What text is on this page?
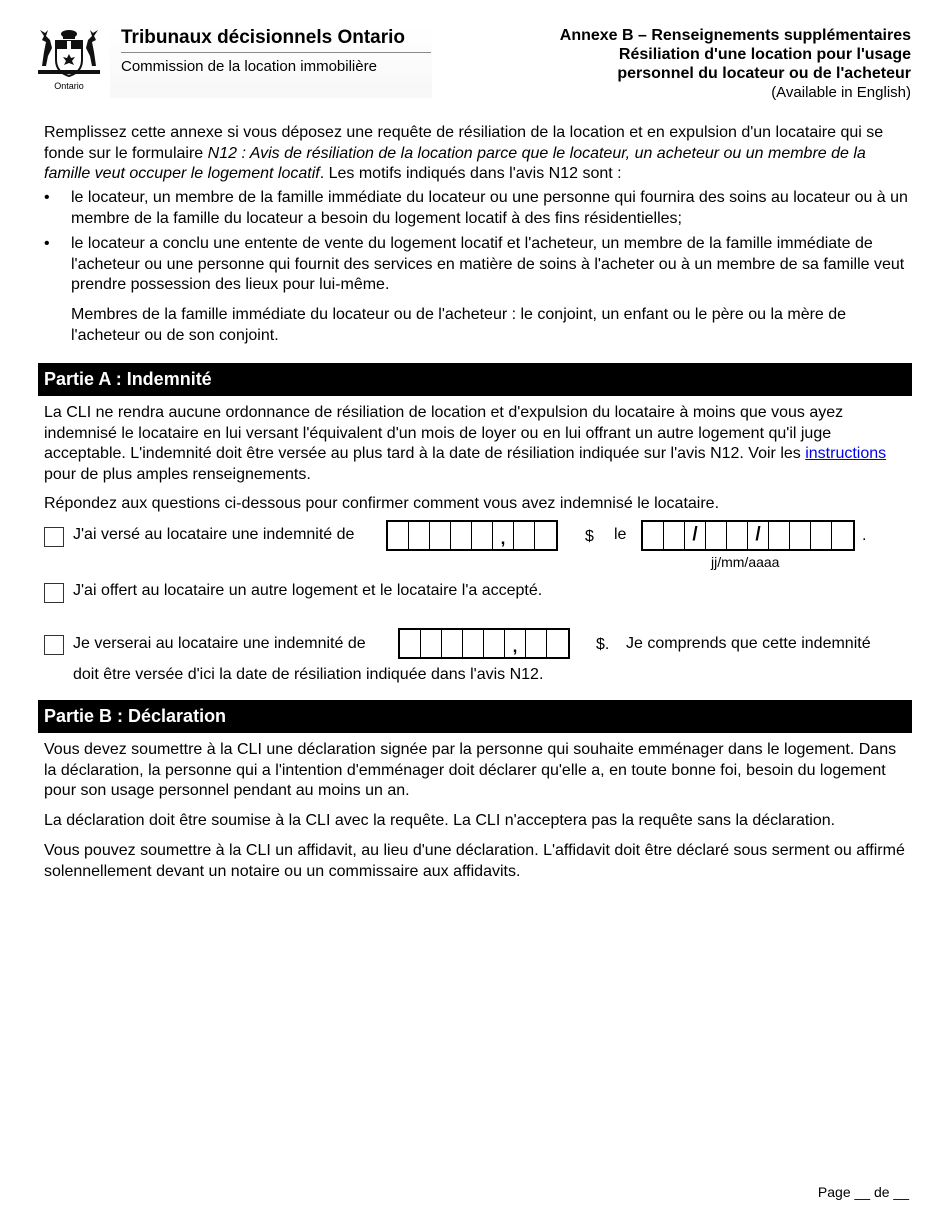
Ontario
Tribunaux décisionnels Ontario
Commission de la location immobilière
Annexe B – Renseignements supplémentaires
Résiliation d'une location pour l'usage
personnel du locateur ou de l'acheteur
(Available in English)
Remplissez cette annexe si vous déposez une requête de résiliation de la location et en expulsion d'un locataire qui se fonde sur le formulaire N12 : Avis de résiliation de la location parce que le locateur, un acheteur ou un membre de la famille veut occuper le logement locatif. Les motifs indiqués dans l'avis N12 sont :
• le locateur, un membre de la famille immédiate du locateur ou une personne qui fournira des soins au locateur ou à un membre de la famille du locateur a besoin du logement locatif à des fins résidentielles;
• le locateur a conclu une entente de vente du logement locatif et l'acheteur, un membre de la famille immédiate de l'acheteur ou une personne qui fournit des services en matière de soins à l'acheter ou à un membre de sa famille veut prendre possession des lieux pour lui-même.
Membres de la famille immédiate du locateur ou de l'acheteur : le conjoint, un enfant ou le père ou la mère de l'acheteur ou de son conjoint.
Partie A : Indemnité
La CLI ne rendra aucune ordonnance de résiliation de location et d'expulsion du locataire à moins que vous ayez indemnisé le locataire en lui versant l'équivalent d'un mois de loyer ou en lui offrant un autre logement qu'il juge acceptable. L'indemnité doit être versée au plus tard à la date de résiliation indiquée sur l'avis N12. Voir les instructions pour de plus amples renseignements.
Répondez aux questions ci-dessous pour confirmer comment vous avez indemnisé le locataire.
J'ai versé au locataire une indemnité de	,	$ le	/	/	.
jj/mm/aaaa
J'ai offert au locataire un autre logement et le locataire l'a accepté.
Je verserai au locataire une indemnité de	,	$. Je comprends que cette indemnité
doit être versée d'ici la date de résiliation indiquée dans l'avis N12.
Partie B : Déclaration
Vous devez soumettre à la CLI une déclaration signée par la personne qui souhaite emménager dans le logement. Dans la déclaration, la personne qui a l'intention d'emménager doit déclarer qu'elle a, en toute bonne foi, besoin du logement pour son usage personnel pendant au moins un an.
La déclaration doit être soumise à la CLI avec la requête. La CLI n'acceptera pas la requête sans la déclaration.
Vous pouvez soumettre à la CLI un affidavit, au lieu d'une déclaration. L'affidavit doit être déclaré sous serment ou affirmé solennellement devant un notaire ou un commissaire aux affidavits.
Page __ de __
